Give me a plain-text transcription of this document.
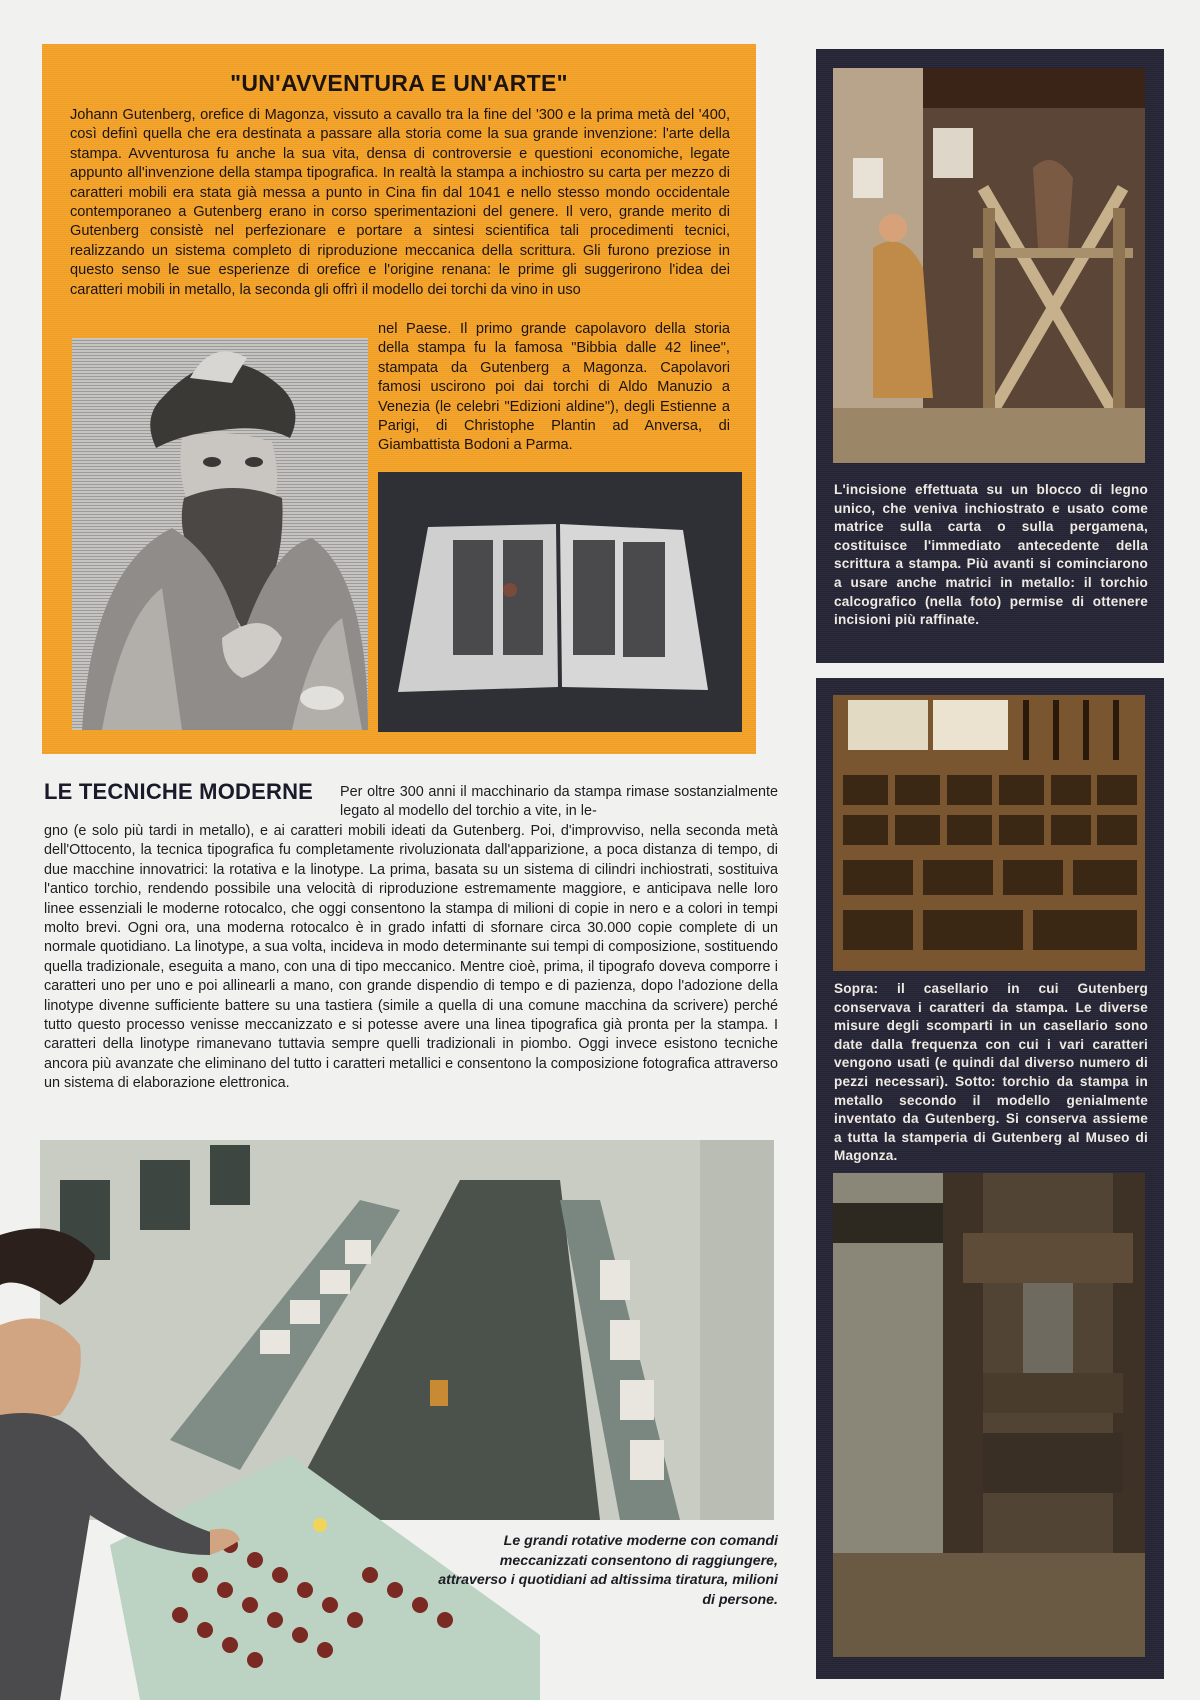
"UN'AVVENTURA E UN'ARTE"
Johann Gutenberg, orefice di Magonza, vissuto a cavallo tra la fine del '300 e la prima metà del '400, così definì quella che era destinata a passare alla storia come la sua grande invenzione: l'arte della stampa. Avventurosa fu anche la sua vita, densa di controversie e questioni economiche, legate appunto all'invenzione della stampa tipografica. In realtà la stampa a inchiostro su carta per mezzo di caratteri mobili era stata già messa a punto in Cina fin dal 1041 e nello stesso mondo occidentale contemporaneo a Gutenberg erano in corso sperimentazioni del genere. Il vero, grande merito di Gutenberg consistè nel perfezionare e portare a sintesi scientifica tali procedimenti tecnici, realizzando un sistema completo di riproduzione meccanica della scrittura. Gli furono preziose in questo senso le sue esperienze di orefice e l'origine renana: le prime gli suggerirono l'idea dei caratteri mobili in metallo, la seconda gli offrì il modello dei torchi da vino in uso
nel Paese. Il primo grande capolavoro della storia della stampa fu la famosa "Bibbia dalle 42 linee", stampata da Gutenberg a Magonza. Capolavori famosi uscirono poi dai torchi di Aldo Manuzio a Venezia (le celebri "Edizioni aldine"), degli Estienne a Parigi, di Christophe Plantin ad Anversa, di Giambattista Bodoni a Parma.
L'incisione effettuata su un blocco di legno unico, che veniva inchiostrato e usato come matrice sulla carta o sulla pergamena, costituisce l'immediato antecedente della scrittura a stampa. Più avanti si cominciarono a usare anche matrici in metallo: il torchio calcografico (nella foto) permise di ottenere incisioni più raffinate.
Sopra: il casellario in cui Gutenberg conservava i caratteri da stampa. Le diverse misure degli scomparti in un casellario sono date dalla frequenza con cui i vari caratteri vengono usati (e quindi dal diverso numero di pezzi necessari). Sotto: torchio da stampa in metallo secondo il modello genialmente inventato da Gutenberg. Si conserva assieme a tutta la stamperia di Gutenberg al Museo di Magonza.
LE TECNICHE MODERNE Per oltre 300 anni il macchinario da stampa rimase sostanzialmente legato al modello del torchio a vite, in le-
gno (e solo più tardi in metallo), e ai caratteri mobili ideati da Gutenberg. Poi, d'improvviso, nella seconda metà dell'Ottocento, la tecnica tipografica fu completamente rivoluzionata dall'apparizione, a poca distanza di tempo, di due macchine innovatrici: la rotativa e la linotype. La prima, basata su un sistema di cilindri inchiostrati, sostituiva l'antico torchio, rendendo possibile una velocità di riproduzione estremamente maggiore, e anticipava nelle loro linee essenziali le moderne rotocalco, che oggi consentono la stampa di milioni di copie in nero e a colori in tempi molto brevi. Ogni ora, una moderna rotocalco è in grado infatti di sfornare circa 30.000 copie complete di un normale quotidiano. La linotype, a sua volta, incideva in modo determinante sui tempi di composizione, sostituendo quella tradizionale, eseguita a mano, con una di tipo meccanico. Mentre cioè, prima, il tipografo doveva comporre i caratteri uno per uno e poi allinearli a mano, con grande dispendio di tempo e di pazienza, dopo l'adozione della linotype divenne sufficiente battere su una tastiera (simile a quella di una comune macchina da scrivere) perché tutto questo processo venisse meccanizzato e si potesse avere una linea tipografica già pronta per la stampa. I caratteri della linotype rimanevano tuttavia sempre quelli tradizionali in piombo. Oggi invece esistono tecniche ancora più avanzate che eliminano del tutto i caratteri metallici e consentono la composizione fotografica attraverso un sistema di elaborazione elettronica.
Le grandi rotative moderne con comandi meccanizzati consentono di raggiungere, attraverso i quotidiani ad altissima tiratura, milioni di persone.
